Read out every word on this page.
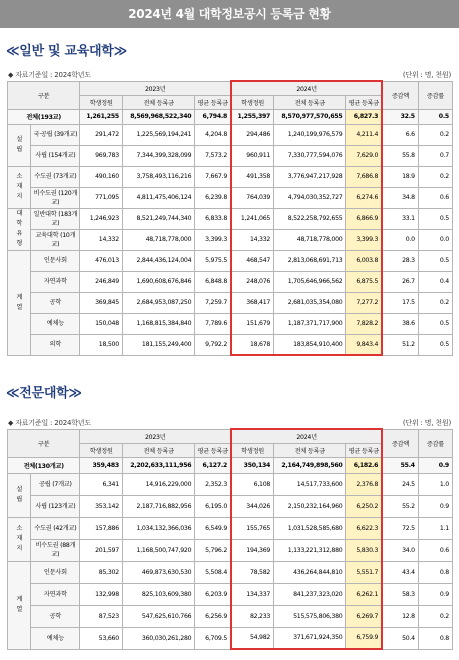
2024년 4월 대학정보공시 등록금 현황
≪일반 및 교육대학≫
◆ 자료기준일 : 2024학년도	(단위 : 명, 천원)
구분		2023년			2024년			증감액	증감률
		학생정원	전체 등록금	평균 등록금	학생정원	전체 등록금	평균 등록금		
전체(193교)		1,261,255	8,569,968,522,340	6,794.8	1,255,397	8,570,977,570,655	6,827.3	32.5	0.5
설립	국·공립 (39개교)	291,472	1,225,569,194,241	4,204.8	294,486	1,240,199,976,579	4,211.4	6.6	0.2
	사립 (154개교)	969,783	7,344,399,328,099	7,573.2	960,911	7,330,777,594,076	7,629.0	55.8	0.7
소재지	수도권 (73개교)	490,160	3,758,493,116,216	7,667.9	491,358	3,776,947,217,928	7,686.8	18.9	0.2
	비수도권 (120개교)	771,095	4,811,475,406,124	6,239.8	764,039	4,794,030,352,727	6,274.6	34.8	0.6
대학유형	일반대학 (183개교)	1,246,923	8,521,249,744,340	6,833.8	1,241,065	8,522,258,792,655	6,866.9	33.1	0.5
	교육대학 (10개교)	14,332	48,718,778,000	3,399.3	14,332	48,718,778,000	3,399.3	0.0	0.0
계열	인문사회	476,013	2,844,436,124,004	5,975.5	468,547	2,813,068,691,713	6,003.8	28.3	0.5
	자연과학	246,849	1,690,608,676,846	6,848.8	248,076	1,705,646,966,562	6,875.5	26.7	0.4
	공학	369,845	2,684,953,087,250	7,259.7	368,417	2,681,035,354,080	7,277.2	17.5	0.2
	예체능	150,048	1,168,815,384,840	7,789.6	151,679	1,187,371,717,900	7,828.2	38.6	0.5
	의학	18,500	181,155,249,400	9,792.2	18,678	183,854,910,400	9,843.4	51.2	0.5
≪전문대학≫
◆ 자료기준일 : 2024학년도	(단위 : 명, 천원)
구분		2023년			2024년			증감액	증감률
		학생정원	전체 등록금	평균 등록금	학생정원	전체 등록금	평균 등록금		
전체(130개교)		359,483	2,202,633,111,956	6,127.2	350,134	2,164,749,898,560	6,182.6	55.4	0.9
설립	공립 (7개교)	6,341	14,916,229,000	2,352.3	6,108	14,517,733,600	2,376.8	24.5	1.0
	사립 (123개교)	353,142	2,187,716,882,956	6,195.0	344,026	2,150,232,164,960	6,250.2	55.2	0.9
소재지	수도권 (42개교)	157,886	1,034,132,366,036	6,549.9	155,765	1,031,528,585,680	6,622.3	72.5	1.1
	비수도권 (88개교)	201,597	1,168,500,747,920	5,796.2	194,369	1,133,221,312,880	5,830.3	34.0	0.6
계열	인문사회	85,302	469,873,630,530	5,508.4	78,582	436,264,844,810	5,551.7	43.4	0.8
	자연과학	132,998	825,103,609,380	6,203.9	134,337	841,237,323,020	6,262.1	58.3	0.9
	공학	87,523	547,625,610,766	6,256.9	82,233	515,575,806,380	6,269.7	12.8	0.2
	예체능	53,660	360,030,261,280	6,709.5	54,982	371,671,924,350	6,759.9	50.4	0.8
